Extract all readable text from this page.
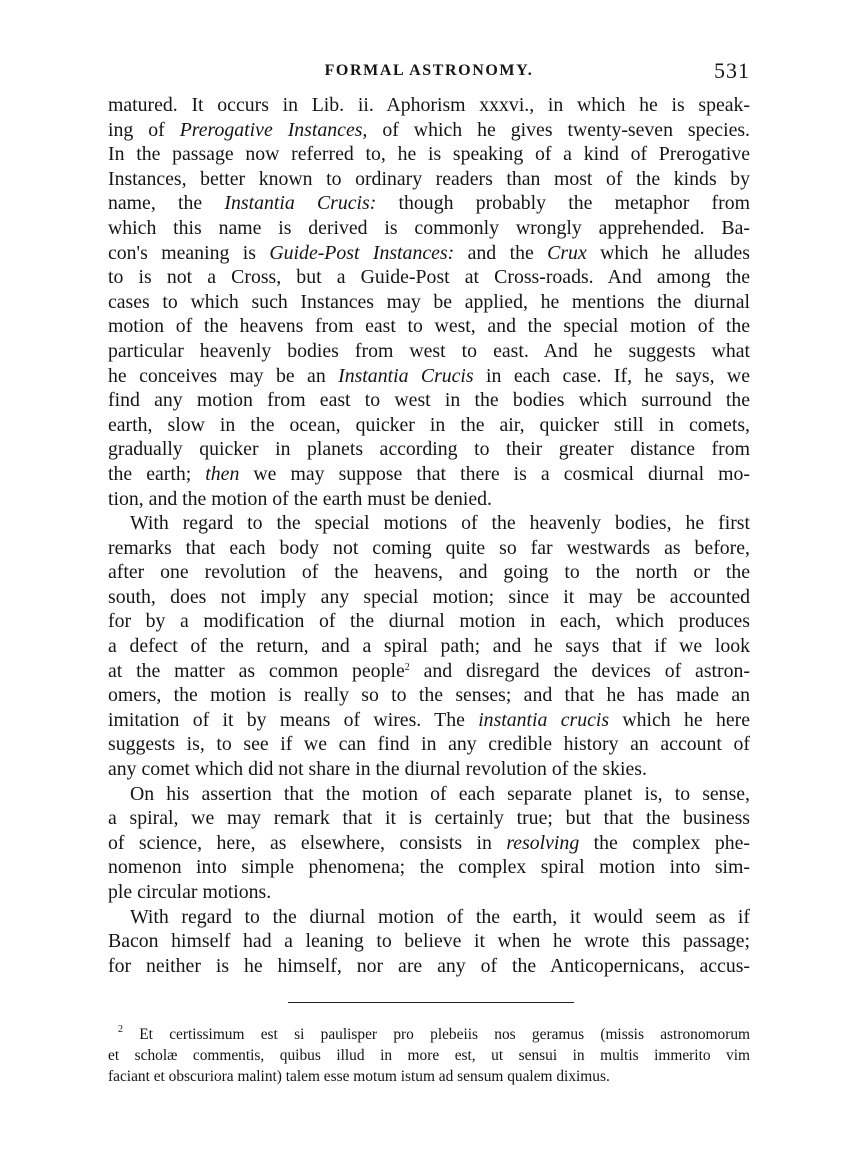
FORMAL ASTRONOMY.	531
matured. It occurs in Lib. ii. Aphorism xxxvi., in which he is speak-
ing of Prerogative Instances, of which he gives twenty-seven species.
In the passage now referred to, he is speaking of a kind of Prerogative
Instances, better known to ordinary readers than most of the kinds by
name, the Instantia Crucis: though probably the metaphor from
which this name is derived is commonly wrongly apprehended. Ba-
con's meaning is Guide-Post Instances: and the Crux which he alludes
to is not a Cross, but a Guide-Post at Cross-roads. And among the
cases to which such Instances may be applied, he mentions the diurnal
motion of the heavens from east to west, and the special motion of the
particular heavenly bodies from west to east. And he suggests what
he conceives may be an Instantia Crucis in each case. If, he says, we
find any motion from east to west in the bodies which surround the
earth, slow in the ocean, quicker in the air, quicker still in comets,
gradually quicker in planets according to their greater distance from
the earth; then we may suppose that there is a cosmical diurnal mo-
tion, and the motion of the earth must be denied.
With regard to the special motions of the heavenly bodies, he first
remarks that each body not coming quite so far westwards as before,
after one revolution of the heavens, and going to the north or the
south, does not imply any special motion; since it may be accounted
for by a modification of the diurnal motion in each, which produces
a defect of the return, and a spiral path; and he says that if we look
at the matter as common people$^2$ and disregard the devices of astron-
omers, the motion is really so to the senses; and that he has made an
imitation of it by means of wires. The instantia crucis which he here
suggests is, to see if we can find in any credible history an account of
any comet which did not share in the diurnal revolution of the skies.
On his assertion that the motion of each separate planet is, to sense,
a spiral, we may remark that it is certainly true; but that the business
of science, here, as elsewhere, consists in resolving the complex phe-
nomenon into simple phenomena; the complex spiral motion into sim-
ple circular motions.
With regard to the diurnal motion of the earth, it would seem as if
Bacon himself had a leaning to believe it when he wrote this passage;
for neither is he himself, nor are any of the Anticopernicans, accus-
$^2$ Et certissimum est si paulisper pro plebeiis nos geramus (missis astronomorum
et scholæ commentis, quibus illud in more est, ut sensui in multis immerito vim
faciant et obscuriora malint) talem esse motum istum ad sensum qualem diximus.
